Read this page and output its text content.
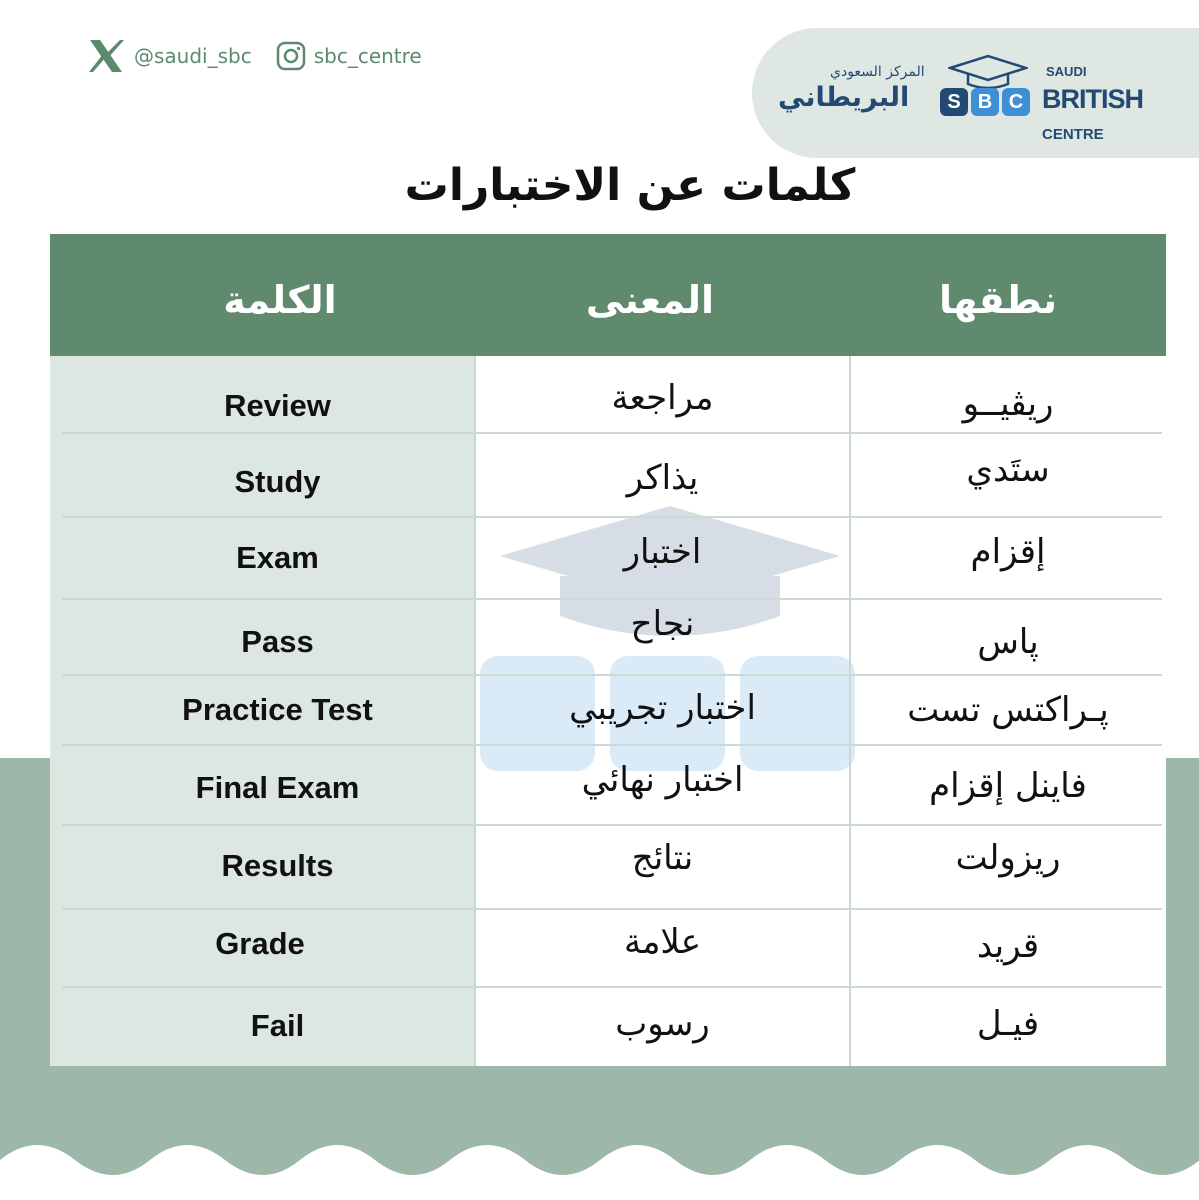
@saudi_sbc	sbc_centre
المركز السعودي
البريطاني	S B C
SAUDI
BRITISH CENTRE
كلمات عن الاختبارات
الكلمة	المعنى	نطقها
Review	مراجعة	ريڤيــو
Study	يذاكر	ستَدي
Exam	اختبار	إقزام
Pass	نجاح	پاس
Practice Test	اختبار تجريبي	پـراكتس تست
Final Exam	اختبار نهائي	فاينل إقزام
Results	نتائج	ريزولت
Grade	علامة	قريد
Fail	رسوب	فيـل
